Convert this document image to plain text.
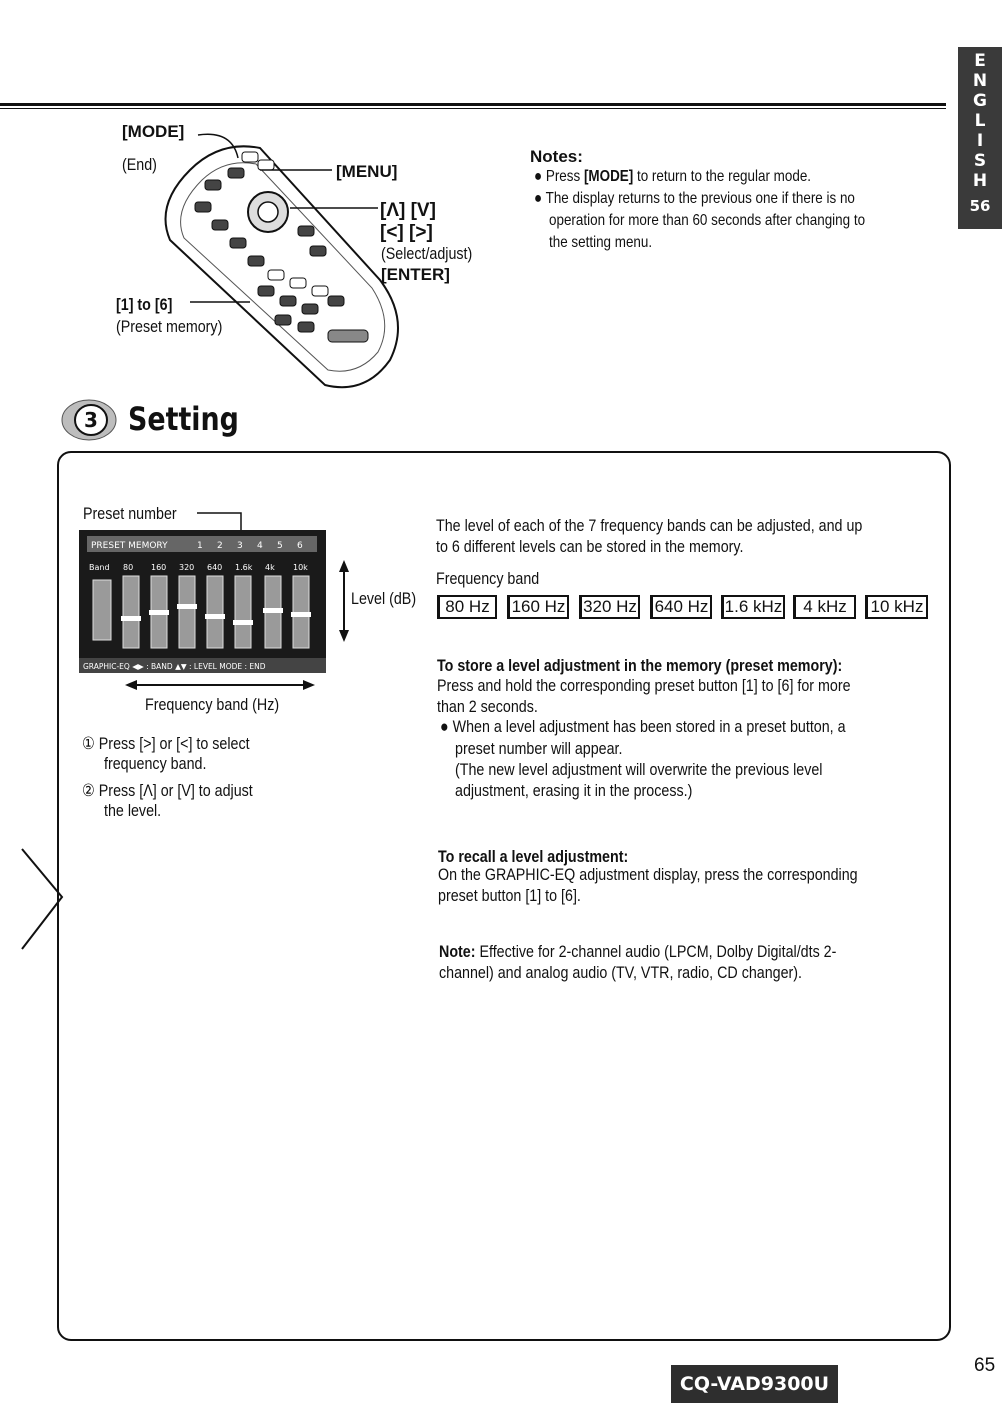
E
N
G
L
I
S
H
56
[MODE]
(End)	[MENU]
[Λ] [V]
[<] [>]
(Select/adjust)
[ENTER]
[1] to [6]
(Preset memory)
Notes:
● Press [MODE] to return to the regular mode.
● The display returns to the previous one if there is no
operation for more than 60 seconds after changing to
the setting menu.
3 Setting
Preset number
PRESET MEMORY	1 2 3 4 5 6
Band 80 160 320 640 1.6k 4k 10k
GRAPHIC-EQ ◀▶ : BAND ▲▼ : LEVEL MODE : END
Level (dB)
Frequency band (Hz)
① Press [>] or [<] to select
frequency band.
② Press [Λ] or [V] to adjust
the level.
The level of each of the 7 frequency bands can be adjusted, and up
to 6 different levels can be stored in the memory.
Frequency band
80 Hz	160 Hz 320 Hz 640 Hz 1.6 kHz	4 kHz	10 kHz
To store a level adjustment in the memory (preset memory):
Press and hold the corresponding preset button [1] to [6] for more
than 2 seconds.
● When a level adjustment has been stored in a preset button, a
preset number will appear.
(The new level adjustment will overwrite the previous level
adjustment, erasing it in the process.)
To recall a level adjustment:
On the GRAPHIC-EQ adjustment display, press the corresponding
preset button [1] to [6].
Note: Effective for 2-channel audio (LPCM, Dolby Digital/dts 2-
channel) and analog audio (TV, VTR, radio, CD changer).
CQ-VAD9300U
65
